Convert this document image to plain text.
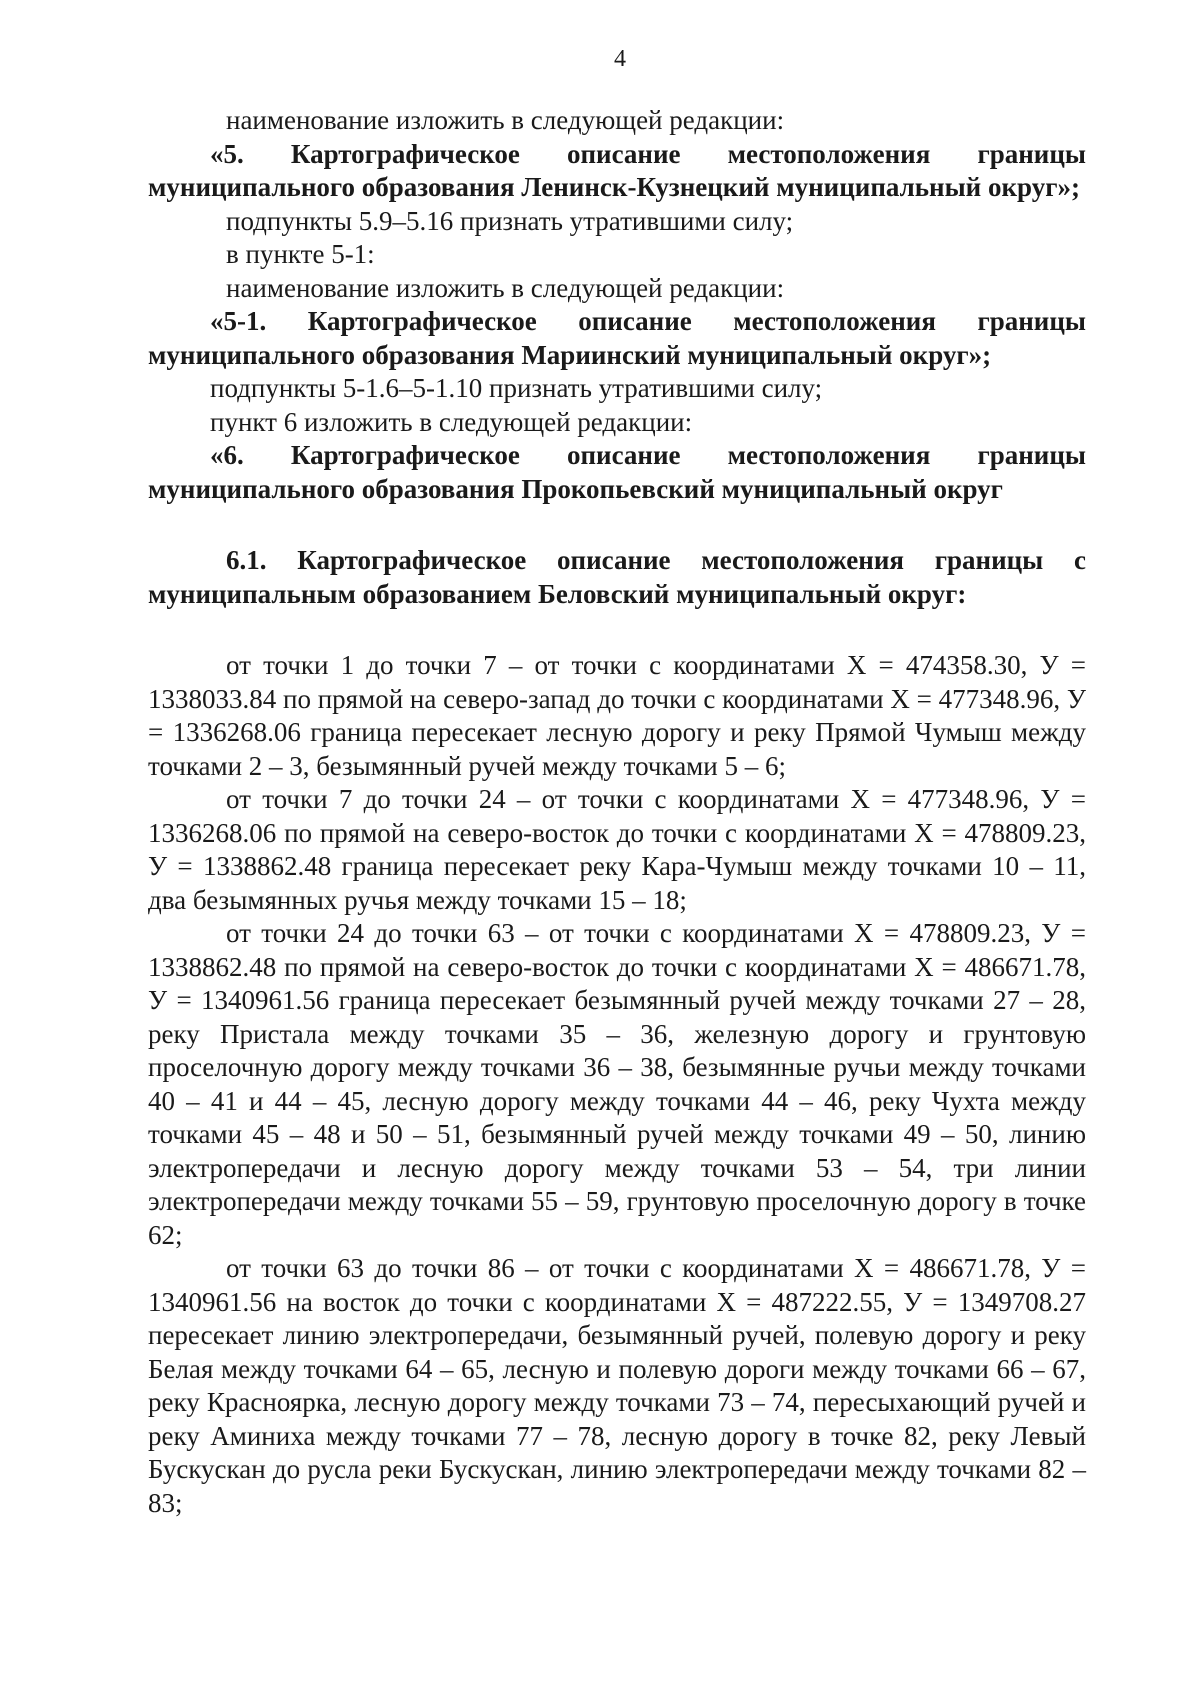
4

наименование изложить в следующей редакции:

«5. Картографическое описание местоположения границы муниципального образования Ленинск-Кузнецкий муниципальный округ»;

подпункты 5.9–5.16 признать утратившими силу;

в пункте 5-1:

наименование изложить в следующей редакции:

«5-1. Картографическое описание местоположения границы муниципального образования Мариинский муниципальный округ»;

подпункты 5-1.6–5-1.10 признать утратившими силу;

пункт 6 изложить в следующей редакции:

«6. Картографическое описание местоположения границы муниципального образования Прокопьевский муниципальный округ

6.1. Картографическое описание местоположения границы с муниципальным образованием Беловский муниципальный округ:

от точки 1 до точки 7 – от точки с координатами X = 474358.30, У = 1338033.84 по прямой на северо-запад до точки с координатами X = 477348.96, У = 1336268.06 граница пересекает лесную дорогу и реку Прямой Чумыш между точками 2 – 3, безымянный ручей между точками 5 – 6;

от точки 7 до точки 24 – от точки с координатами X = 477348.96, У = 1336268.06 по прямой на северо-восток до точки с координатами X = 478809.23, У = 1338862.48 граница пересекает реку Кара-Чумыш между точками 10 – 11, два безымянных ручья между точками 15 – 18;

от точки 24 до точки 63 – от точки с координатами X = 478809.23, У = 1338862.48 по прямой на северо-восток до точки с координатами X = 486671.78, У = 1340961.56 граница пересекает безымянный ручей между точками 27 – 28, реку Пристала между точками 35 – 36, железную дорогу и грунтовую проселочную дорогу между точками 36 – 38, безымянные ручьи между точками 40 – 41 и 44 – 45, лесную дорогу между точками 44 – 46, реку Чухта между точками 45 – 48 и 50 – 51, безымянный ручей между точками 49 – 50, линию электропередачи и лесную дорогу между точками 53 – 54, три линии электропередачи между точками 55 – 59, грунтовую проселочную дорогу в точке 62;

от точки 63 до точки 86 – от точки с координатами X = 486671.78, У = 1340961.56 на восток до точки с координатами X = 487222.55, У = 1349708.27 пересекает линию электропередачи, безымянный ручей, полевую дорогу и реку Белая между точками 64 – 65, лесную и полевую дороги между точками 66 – 67, реку Красноярка, лесную дорогу между точками 73 – 74, пересыхающий ручей и реку Аминиха между точками 77 – 78, лесную дорогу в точке 82, реку Левый Бускускан до русла реки Бускускан, линию электропередачи между точками 82 – 83;
